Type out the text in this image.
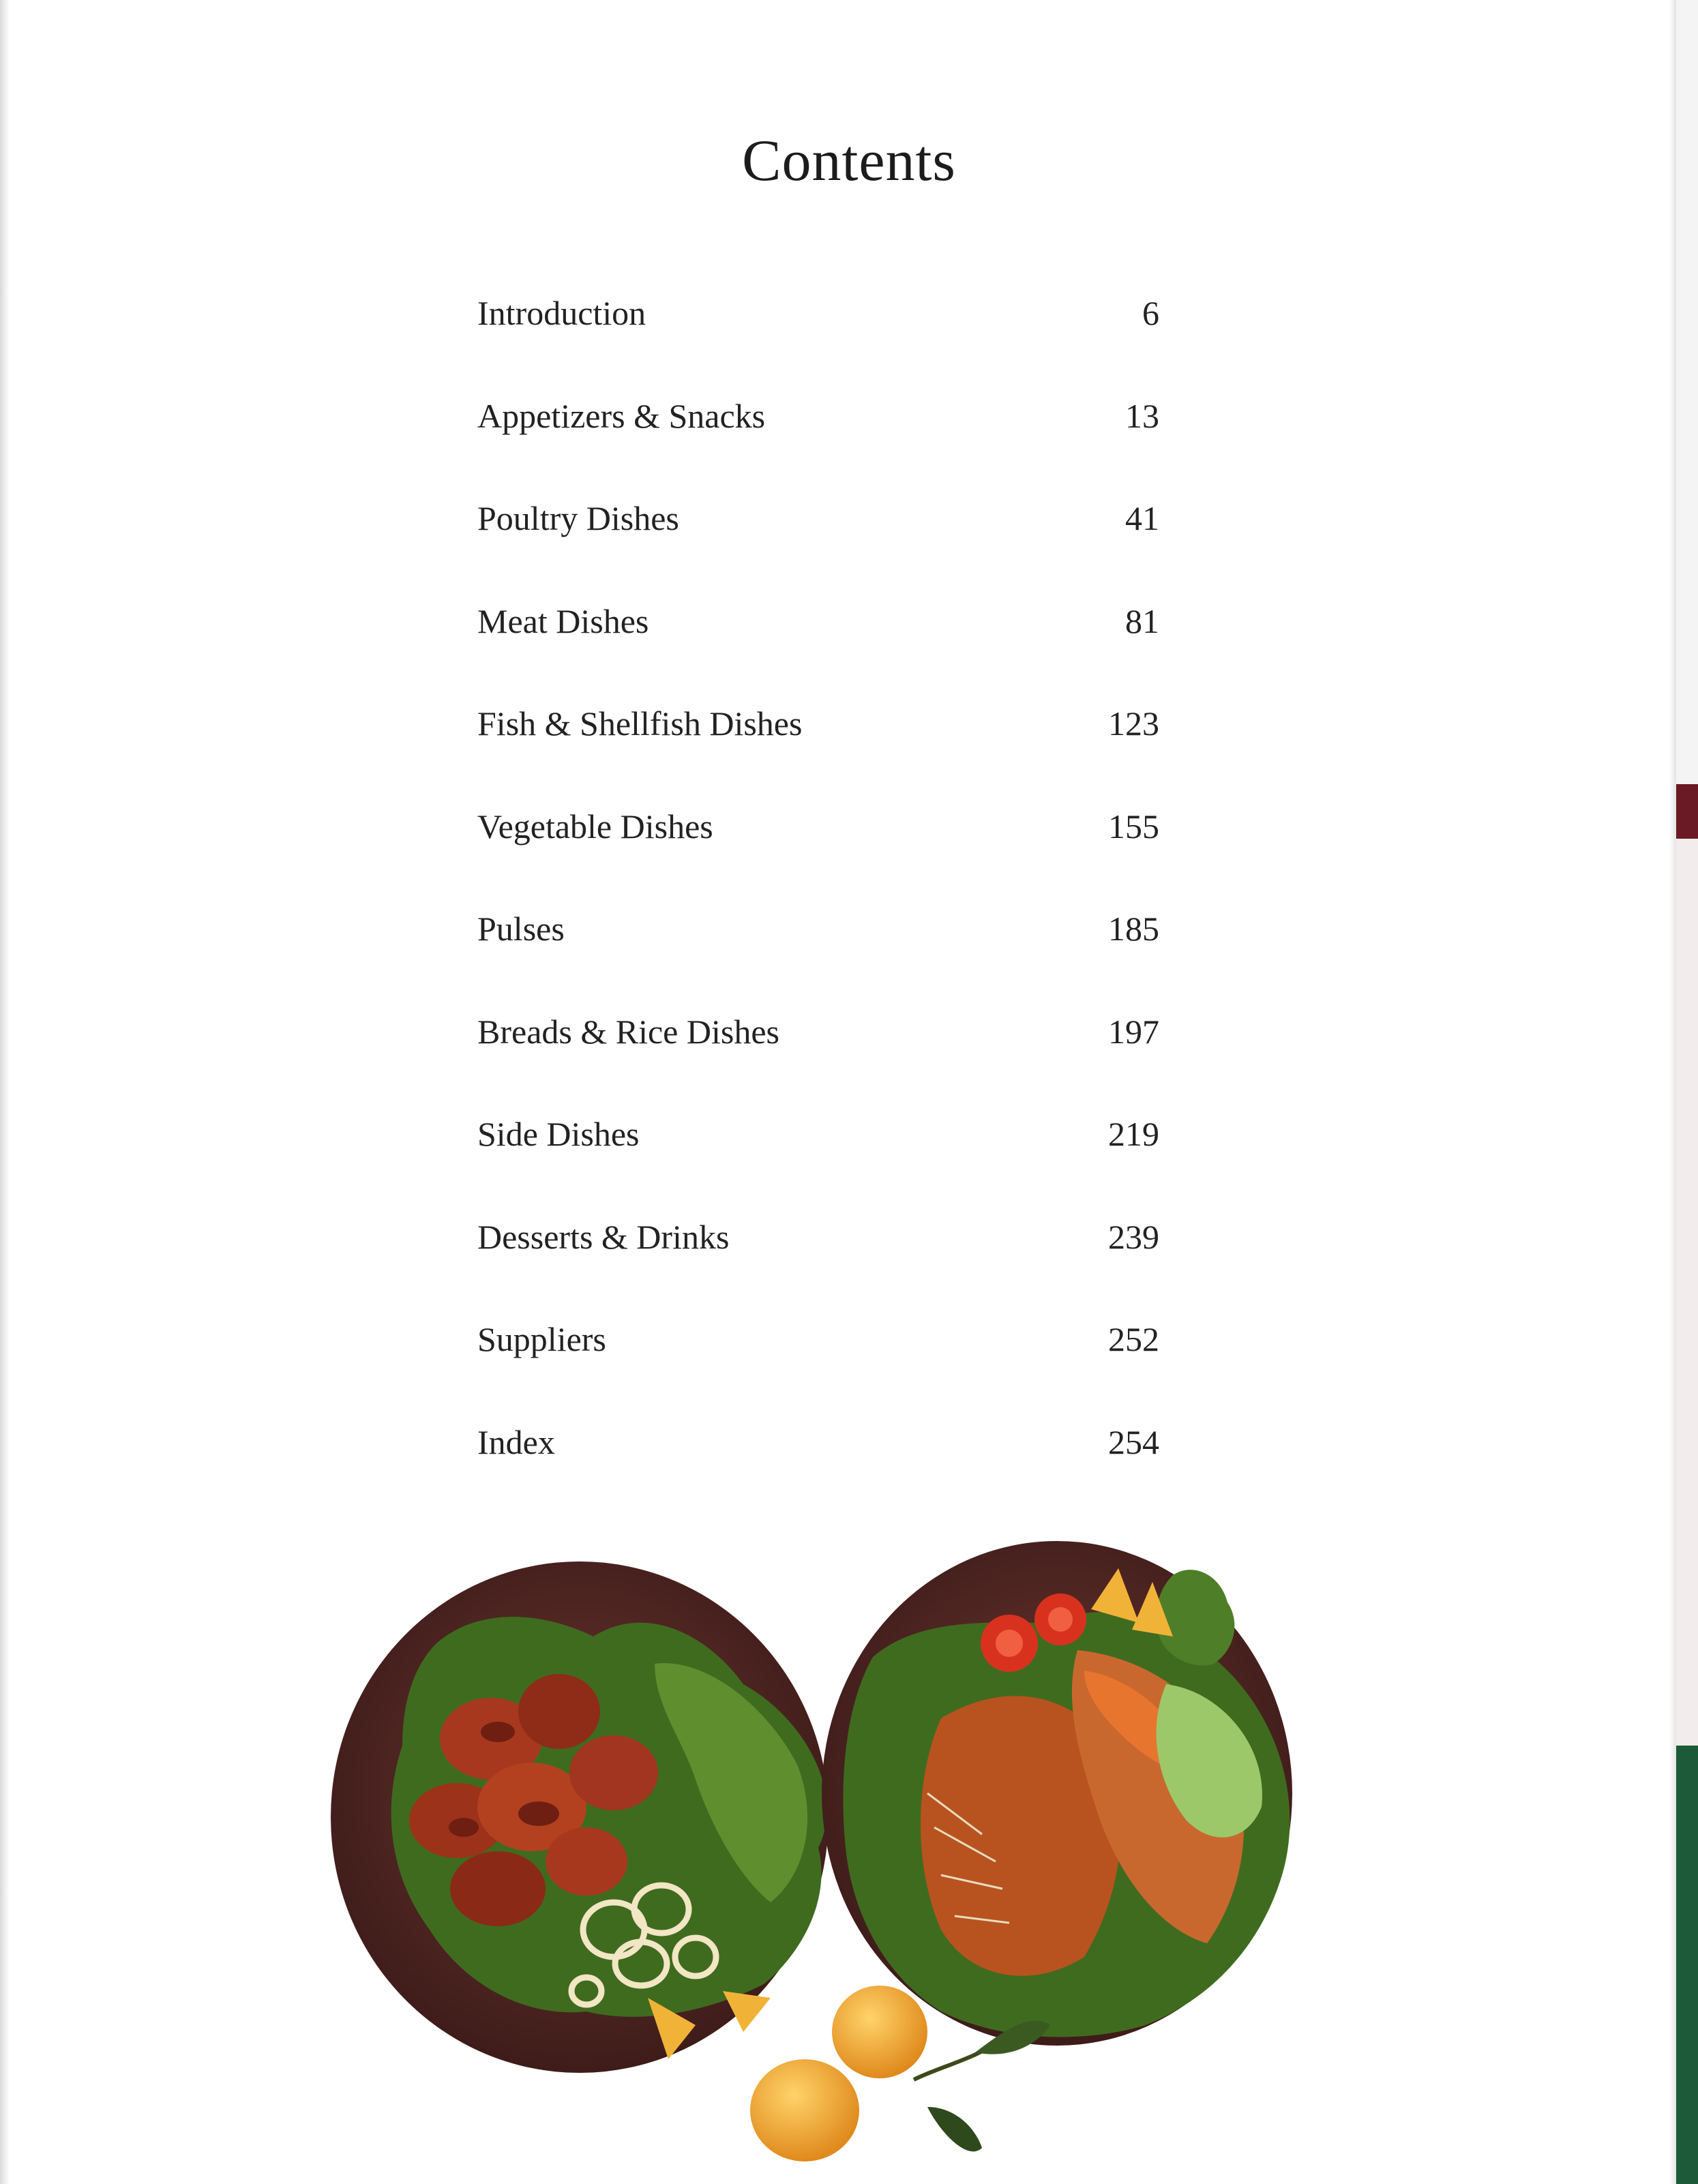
Contents
Introduction	6
Appetizers & Snacks	13
Poultry Dishes	41
Meat Dishes	81
Fish & Shellfish Dishes	123
Vegetable Dishes	155
Pulses	185
Breads & Rice Dishes	197
Side Dishes	219
Desserts & Drinks	239
Suppliers	252
Index	254
